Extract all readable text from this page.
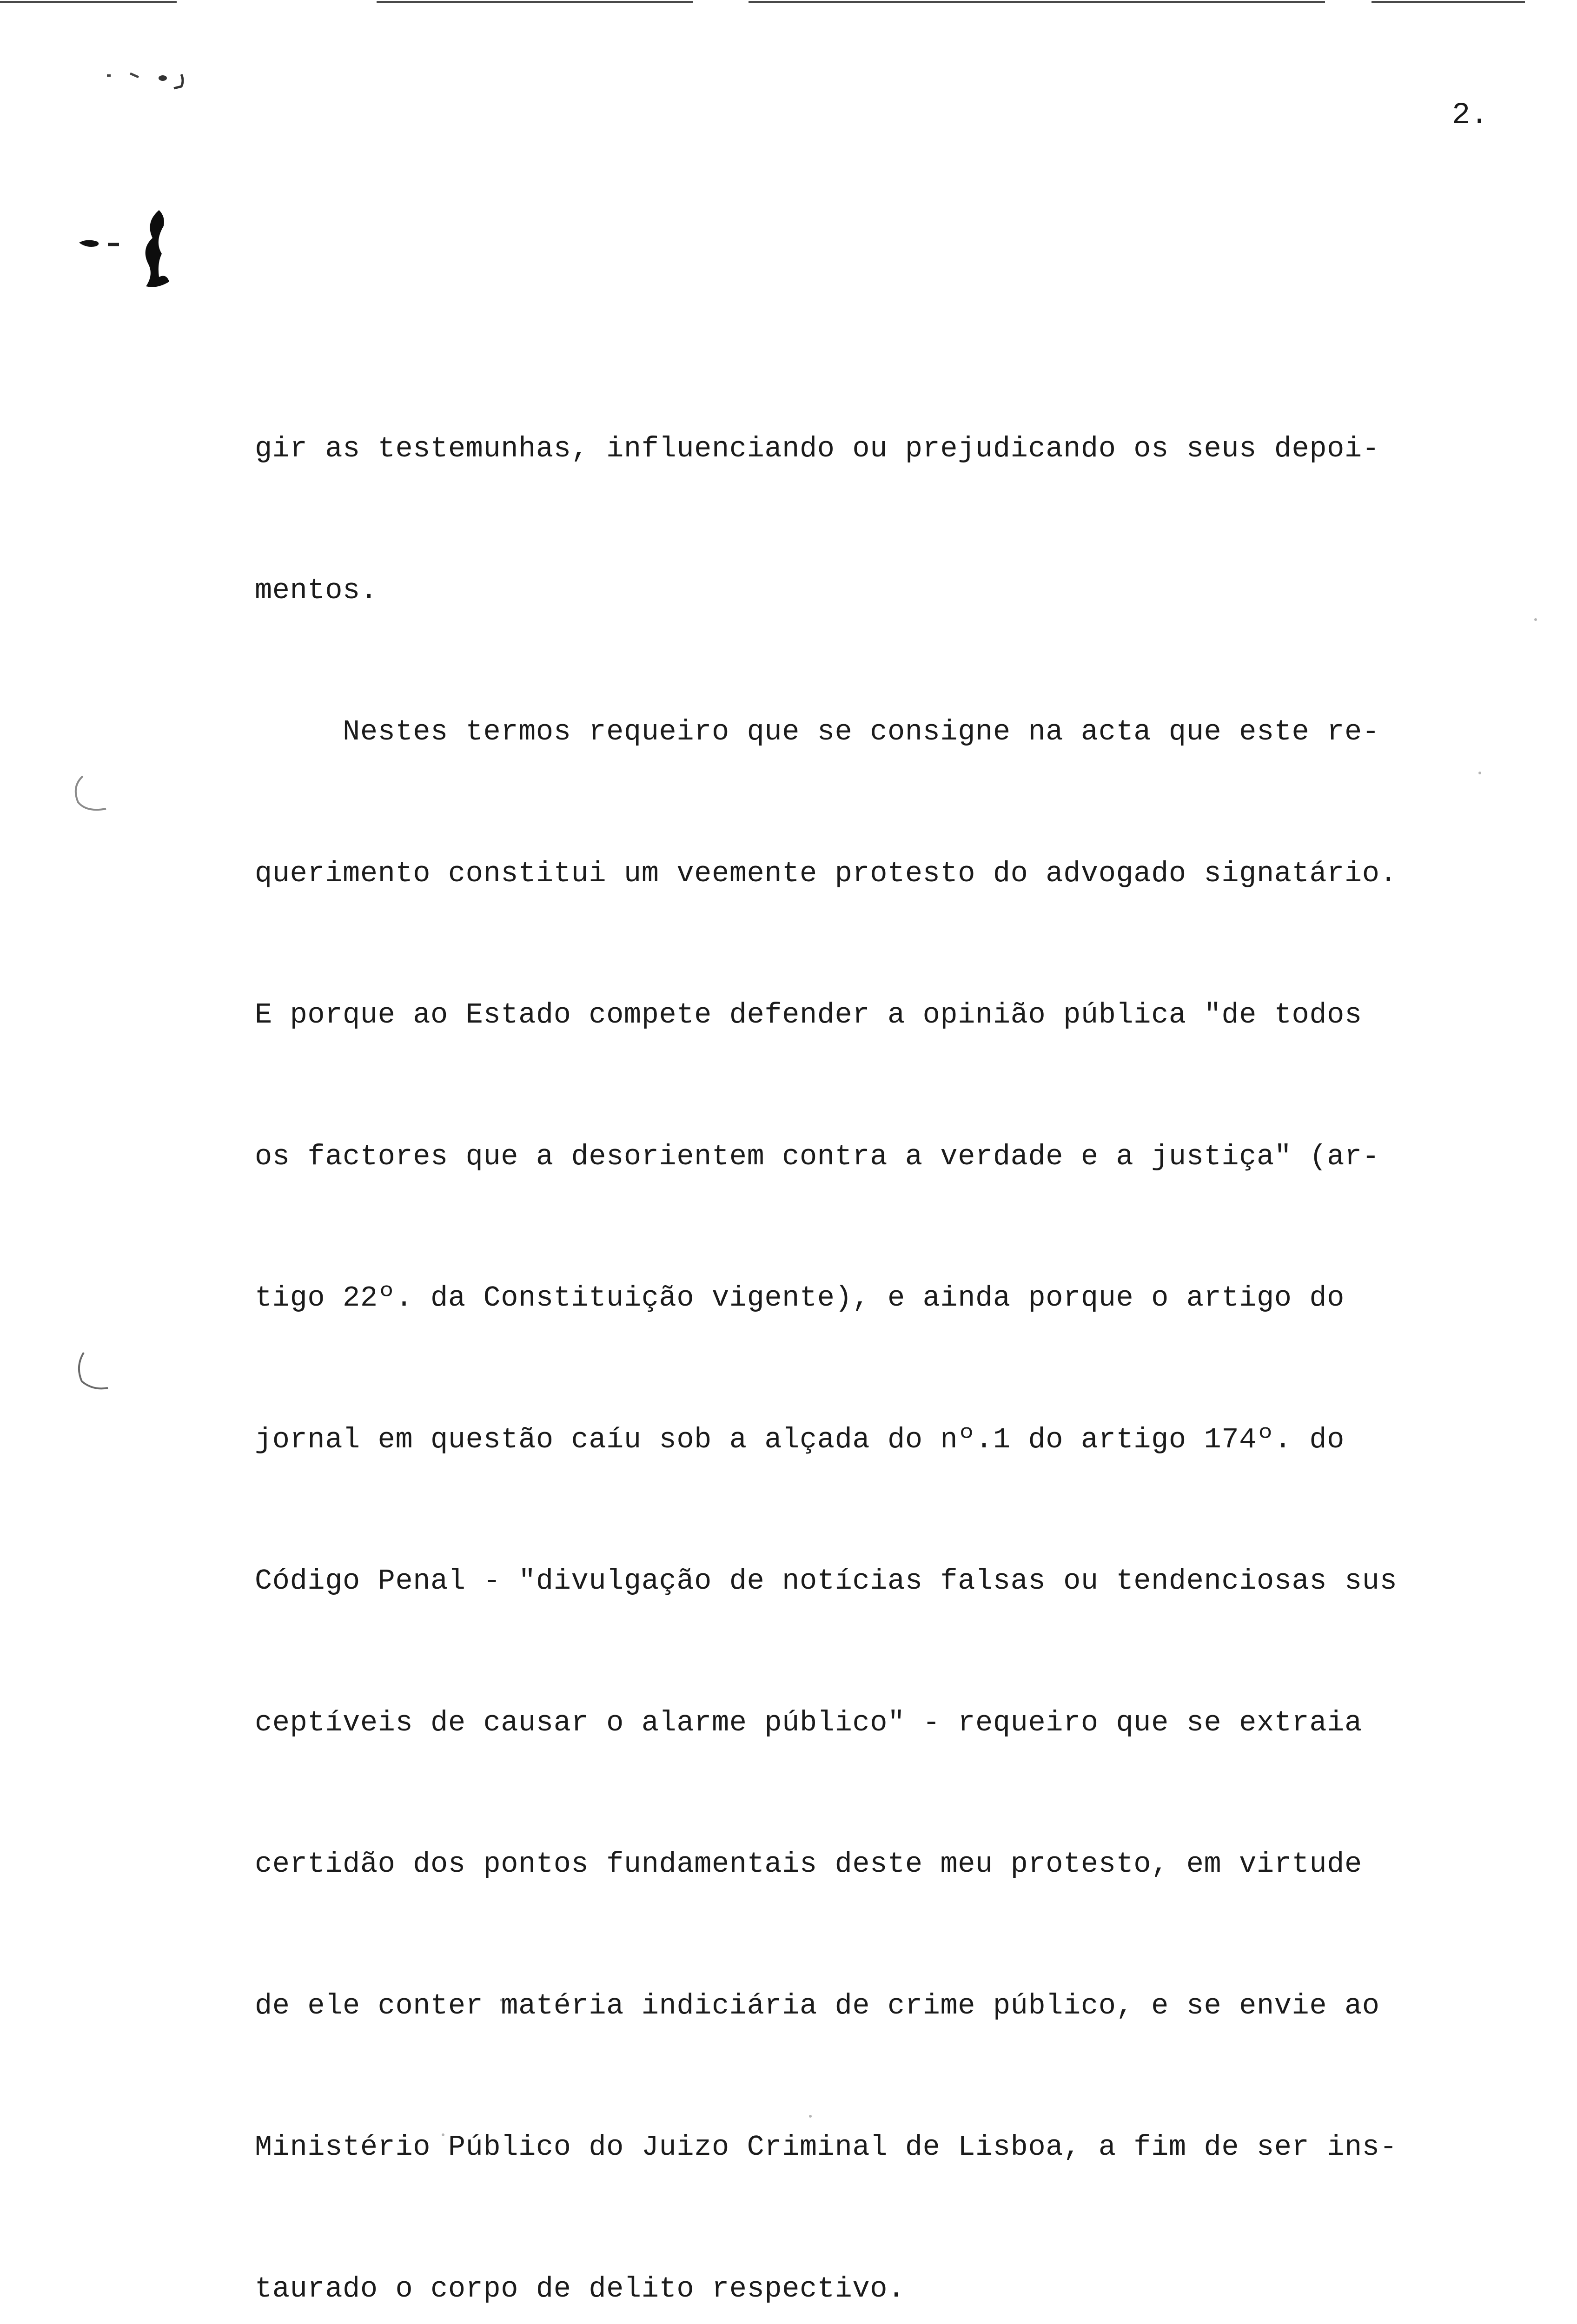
2.

gir as testemunhas, influenciando ou prejudicando os seus depoi-

mentos.

Nestes termos requeiro que se consigne na acta que este re-

querimento constitui um veemente protesto do advogado signatário.

E porque ao Estado compete defender a opinião pública "de todos

os factores que a desorientem contra a verdade e a justiça" (ar-

tigo 22º. da Constituição vigente), e ainda porque o artigo do

jornal em questão caíu sob a alçada do nº.1 do artigo 174º. do

Código Penal - "divulgação de notícias falsas ou tendenciosas sus

ceptíveis de causar o alarme público" - requeiro que se extraia

certidão dos pontos fundamentais deste meu protesto, em virtude

de ele conter matéria indiciária de crime público, e se envie ao

Ministério Público do Juizo Criminal de Lisboa, a fim de ser ins-

taurado o corpo de delito respectivo.
